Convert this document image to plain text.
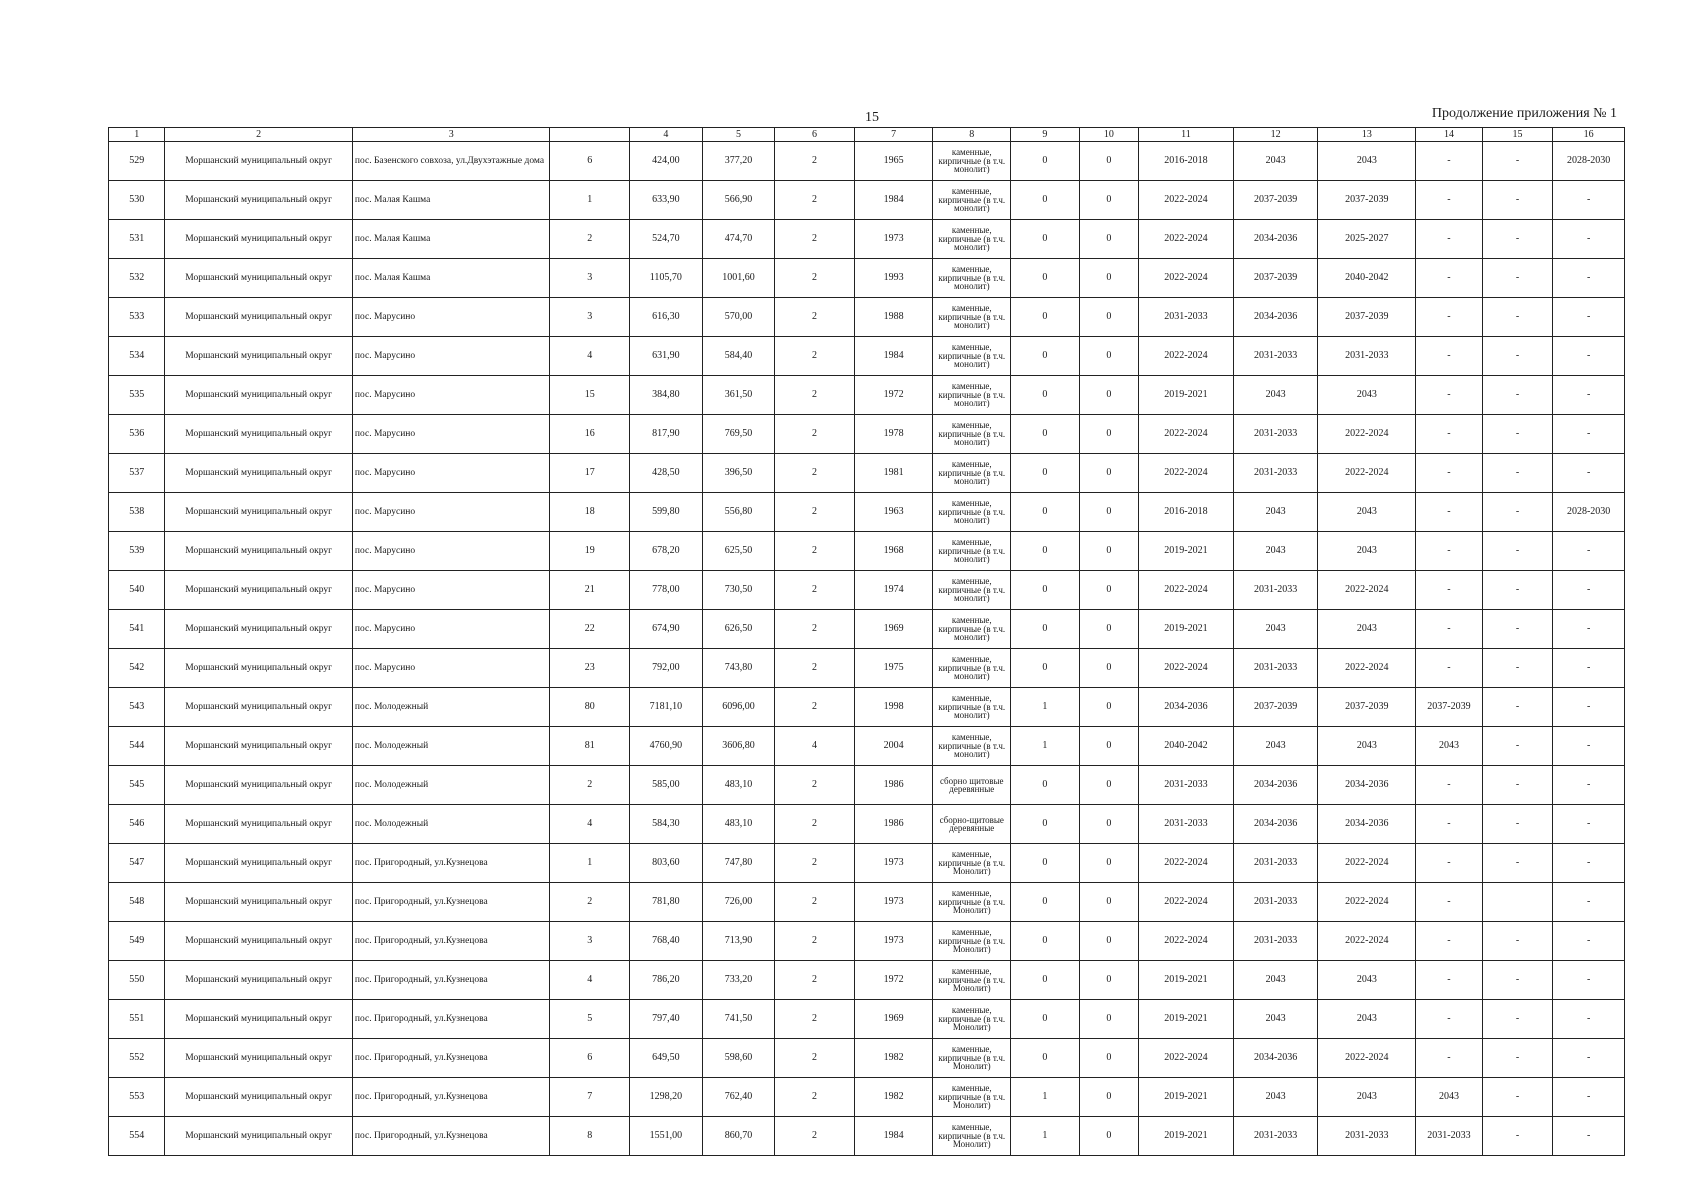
15	Продолжение приложения № 1
1	2	3		4	5	6	7	8	9	10	11	12	13	14	15	16
529	Моршанский муниципальный округ	пос. Базенского совхоза, ул.Двухэтажные дома	6	424,00	377,20	2	1965	каменные, кирпичные (в т.ч. монолит)	0	0	2016-2018	2043	2043	-	-	2028-2030
530	Моршанский муниципальный округ	пос. Малая Кашма	1	633,90	566,90	2	1984	каменные, кирпичные (в т.ч. монолит)	0	0	2022-2024	2037-2039	2037-2039	-	-	-
531	Моршанский муниципальный округ	пос. Малая Кашма	2	524,70	474,70	2	1973	каменные, кирпичные (в т.ч. монолит)	0	0	2022-2024	2034-2036	2025-2027	-	-	-
532	Моршанский муниципальный округ	пос. Малая Кашма	3	1105,70	1001,60	2	1993	каменные, кирпичные (в т.ч. монолит)	0	0	2022-2024	2037-2039	2040-2042	-	-	-
533	Моршанский муниципальный округ	пос. Марусино	3	616,30	570,00	2	1988	каменные, кирпичные (в т.ч. монолит)	0	0	2031-2033	2034-2036	2037-2039	-	-	-
534	Моршанский муниципальный округ	пос. Марусино	4	631,90	584,40	2	1984	каменные, кирпичные (в т.ч. монолит)	0	0	2022-2024	2031-2033	2031-2033	-	-	-
535	Моршанский муниципальный округ	пос. Марусино	15	384,80	361,50	2	1972	каменные, кирпичные (в т.ч. монолит)	0	0	2019-2021	2043	2043	-	-	-
536	Моршанский муниципальный округ	пос. Марусино	16	817,90	769,50	2	1978	каменные, кирпичные (в т.ч. монолит)	0	0	2022-2024	2031-2033	2022-2024	-	-	-
537	Моршанский муниципальный округ	пос. Марусино	17	428,50	396,50	2	1981	каменные, кирпичные (в т.ч. монолит)	0	0	2022-2024	2031-2033	2022-2024	-	-	-
538	Моршанский муниципальный округ	пос. Марусино	18	599,80	556,80	2	1963	каменные, кирпичные (в т.ч. монолит)	0	0	2016-2018	2043	2043	-	-	2028-2030
539	Моршанский муниципальный округ	пос. Марусино	19	678,20	625,50	2	1968	каменные, кирпичные (в т.ч. монолит)	0	0	2019-2021	2043	2043	-	-	-
540	Моршанский муниципальный округ	пос. Марусино	21	778,00	730,50	2	1974	каменные, кирпичные (в т.ч. монолит)	0	0	2022-2024	2031-2033	2022-2024	-	-	-
541	Моршанский муниципальный округ	пос. Марусино	22	674,90	626,50	2	1969	каменные, кирпичные (в т.ч. монолит)	0	0	2019-2021	2043	2043	-	-	-
542	Моршанский муниципальный округ	пос. Марусино	23	792,00	743,80	2	1975	каменные, кирпичные (в т.ч. монолит)	0	0	2022-2024	2031-2033	2022-2024	-	-	-
543	Моршанский муниципальный округ	пос. Молодежный	80	7181,10	6096,00	2	1998	каменные, кирпичные (в т.ч. монолит)	1	0	2034-2036	2037-2039	2037-2039	2037-2039	-	-
544	Моршанский муниципальный округ	пос. Молодежный	81	4760,90	3606,80	4	2004	каменные, кирпичные (в т.ч. монолит)	1	0	2040-2042	2043	2043	2043	-	-
545	Моршанский муниципальный округ	пос. Молодежный	2	585,00	483,10	2	1986	сборно щитовые деревянные	0	0	2031-2033	2034-2036	2034-2036	-	-	-
546	Моршанский муниципальный округ	пос. Молодежный	4	584,30	483,10	2	1986	сборно-щитовые деревянные	0	0	2031-2033	2034-2036	2034-2036	-	-	-
547	Моршанский муниципальный округ	пос. Пригородный, ул.Кузнецова	1	803,60	747,80	2	1973	каменные, кирпичные (в т.ч. Монолит)	0	0	2022-2024	2031-2033	2022-2024	-	-	-
548	Моршанский муниципальный округ	пос. Пригородный, ул.Кузнецова	2	781,80	726,00	2	1973	каменные, кирпичные (в т.ч. Монолит)	0	0	2022-2024	2031-2033	2022-2024	-		-
549	Моршанский муниципальный округ	пос. Пригородный, ул.Кузнецова	3	768,40	713,90	2	1973	каменные, кирпичные (в т.ч. Монолит)	0	0	2022-2024	2031-2033	2022-2024	-	-	-
550	Моршанский муниципальный округ	пос. Пригородный, ул.Кузнецова	4	786,20	733,20	2	1972	каменные, кирпичные (в т.ч. Монолит)	0	0	2019-2021	2043	2043	-	-	-
551	Моршанский муниципальный округ	пос. Пригородный, ул.Кузнецова	5	797,40	741,50	2	1969	каменные, кирпичные (в т.ч. Монолит)	0	0	2019-2021	2043	2043	-	-	-
552	Моршанский муниципальный округ	пос. Пригородный, ул.Кузнецова	6	649,50	598,60	2	1982	каменные, кирпичные (в т.ч. Монолит)	0	0	2022-2024	2034-2036	2022-2024	-	-	-
553	Моршанский муниципальный округ	пос. Пригородный, ул.Кузнецова	7	1298,20	762,40	2	1982	каменные, кирпичные (в т.ч. Монолит)	1	0	2019-2021	2043	2043	2043	-	-
554	Моршанский муниципальный округ	пос. Пригородный, ул.Кузнецова	8	1551,00	860,70	2	1984	каменные, кирпичные (в т.ч. Монолит)	1	0	2019-2021	2031-2033	2031-2033	2031-2033	-	-
